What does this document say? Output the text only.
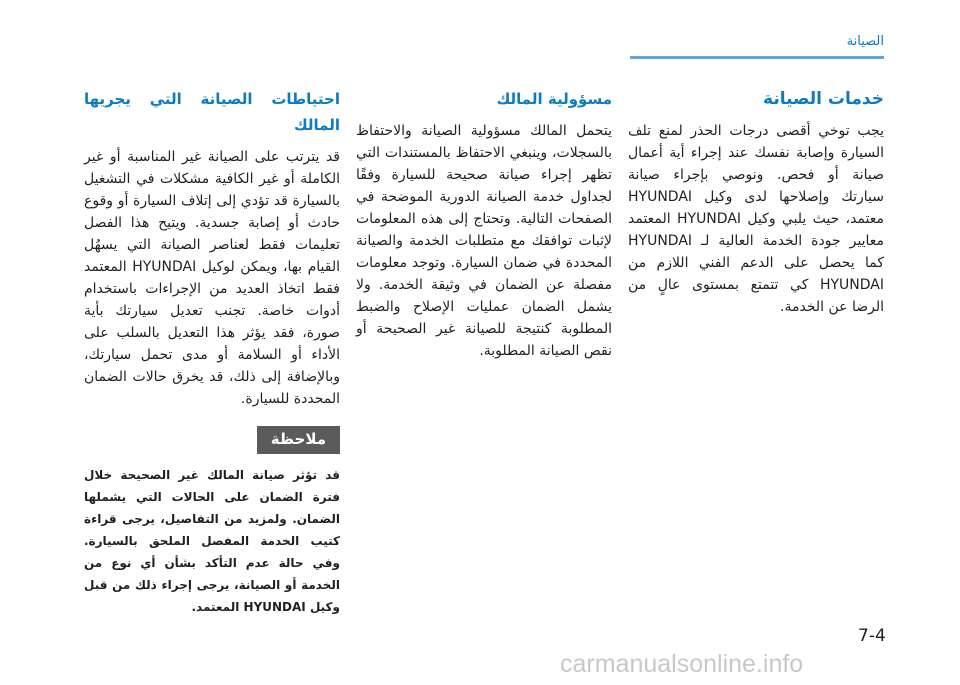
الصيانة
خدمات الصيانة

يجب توخي أقصى درجات الحذر لمنع تلف السيارة وإصابة نفسك عند إجراء أية أعمال صيانة أو فحص. ونوصي بإجراء صيانة سيارتك وإصلاحها لدى وكيل HYUNDAI معتمد، حيث يلبي وكيل HYUNDAI المعتمد معايير جودة الخدمة العالية لـ HYUNDAI كما يحصل على الدعم الفني اللازم من HYUNDAI كي تتمتع بمستوى عالٍ من الرضا عن الخدمة.

مسؤولية المالك

يتحمل المالك مسؤولية الصيانة والاحتفاظ بالسجلات، وينبغي الاحتفاظ بالمستندات التي تظهر إجراء صيانة صحيحة للسيارة وفقًا لجداول خدمة الصيانة الدورية الموضحة في الصفحات التالية. وتحتاج إلى هذه المعلومات لإثبات توافقك مع متطلبات الخدمة والصيانة المحددة في ضمان السيارة. وتوجد معلومات مفصلة عن الضمان في وثيقة الخدمة. ولا يشمل الضمان عمليات الإصلاح والضبط المطلوبة كنتيجة للصيانة غير الصحيحة أو نقص الصيانة المطلوبة.

احتياطات الصيانة التي يجريها المالك

قد يترتب على الصيانة غير المناسبة أو غير الكاملة أو غير الكافية مشكلات في التشغيل بالسيارة قد تؤدي إلى إتلاف السيارة أو وقوع حادث أو إصابة جسدية. ويتيح هذا الفصل تعليمات فقط لعناصر الصيانة التي يسهُل القيام بها، ويمكن لوكيل HYUNDAI المعتمد فقط اتخاذ العديد من الإجراءات باستخدام أدوات خاصة. تجنب تعديل سيارتك بأية صورة، فقد يؤثر هذا التعديل بالسلب على الأداء أو السلامة أو مدى تحمل سيارتك، وبالإضافة إلى ذلك، قد يخرق حالات الضمان المحددة للسيارة.

ملاحظة

قد تؤثر صيانة المالك غير الصحيحة خلال فترة الضمان على الحالات التي يشملها الضمان. ولمزيد من التفاصيل، يرجى قراءة كتيب الخدمة المفصل الملحق بالسيارة. وفي حالة عدم التأكد بشأن أي نوع من الخدمة أو الصيانة، يرجى إجراء ذلك من قبل وكيل HYUNDAI المعتمد.

7-4
carmanualsonline.info
